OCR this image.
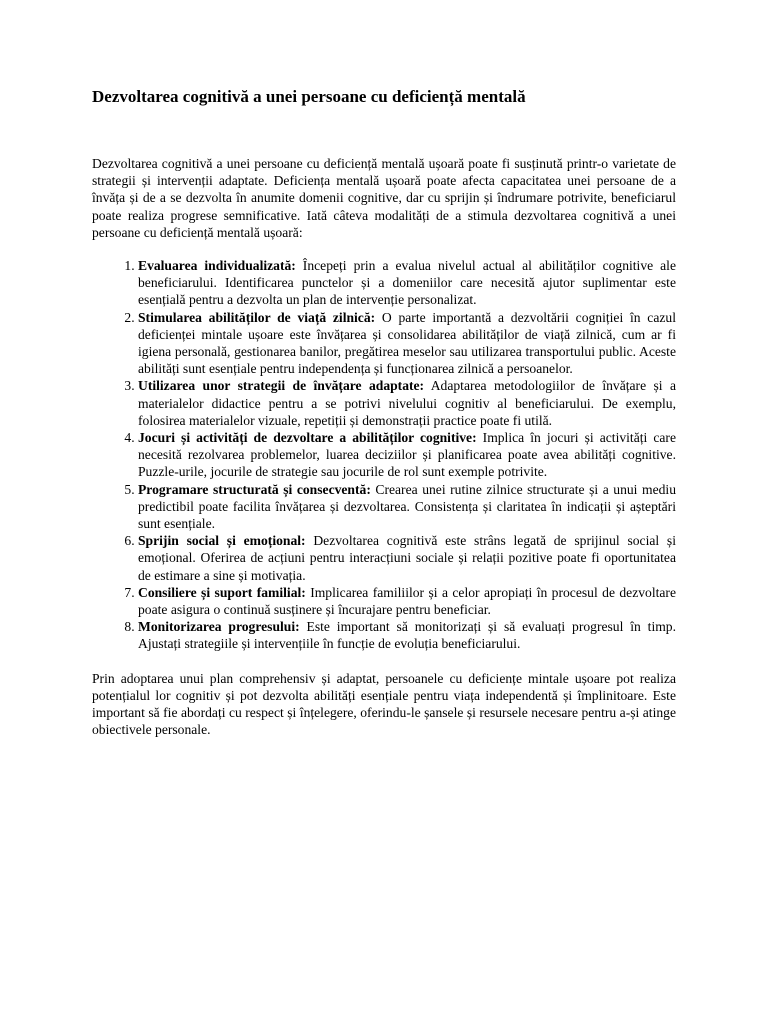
Dezvoltarea cognitivă a unei persoane cu deficiență mentală

Dezvoltarea cognitivă a unei persoane cu deficiență mentală ușoară poate fi susținută printr-o varietate de strategii și intervenții adaptate. Deficiența mentală ușoară poate afecta capacitatea unei persoane de a învăța și de a se dezvolta în anumite domenii cognitive, dar cu sprijin și îndrumare potrivite, beneficiarul poate realiza progrese semnificative. Iată câteva modalități de a stimula dezvoltarea cognitivă a unei persoane cu deficiență mentală ușoară:

1. Evaluarea individualizată: Începeți prin a evalua nivelul actual al abilităților cognitive ale beneficiarului. Identificarea punctelor și a domeniilor care necesită ajutor suplimentar este esențială pentru a dezvolta un plan de intervenție personalizat.
2. Stimularea abilităților de viață zilnică: O parte importantă a dezvoltării cogniției în cazul deficienței mintale ușoare este învățarea și consolidarea abilităților de viață zilnică, cum ar fi igiena personală, gestionarea banilor, pregătirea meselor sau utilizarea transportului public. Aceste abilități sunt esențiale pentru independența și funcționarea zilnică a persoanelor.
3. Utilizarea unor strategii de învățare adaptate: Adaptarea metodologiilor de învățare și a materialelor didactice pentru a se potrivi nivelului cognitiv al beneficiarului. De exemplu, folosirea materialelor vizuale, repetiții și demonstrații practice poate fi utilă.
4. Jocuri și activități de dezvoltare a abilităților cognitive: Implica în jocuri și activități care necesită rezolvarea problemelor, luarea deciziilor și planificarea poate avea abilități cognitive. Puzzle-urile, jocurile de strategie sau jocurile de rol sunt exemple potrivite.
5. Programare structurată și consecventă: Crearea unei rutine zilnice structurate și a unui mediu predictibil poate facilita învățarea și dezvoltarea. Consistența și claritatea în indicații și așteptări sunt esențiale.
6. Sprijin social și emoțional: Dezvoltarea cognitivă este strâns legată de sprijinul social și emoțional. Oferirea de acțiuni pentru interacțiuni sociale și relații pozitive poate fi oportunitatea de estimare a sine și motivația.
7. Consiliere și suport familial: Implicarea familiilor și a celor apropiați în procesul de dezvoltare poate asigura o continuă susținere și încurajare pentru beneficiar.
8. Monitorizarea progresului: Este important să monitorizați și să evaluați progresul în timp. Ajustați strategiile și intervențiile în funcție de evoluția beneficiarului.

Prin adoptarea unui plan comprehensiv și adaptat, persoanele cu deficiențe mintale ușoare pot realiza potențialul lor cognitiv și pot dezvolta abilități esențiale pentru viața independentă și împlinitoare. Este important să fie abordați cu respect și înțelegere, oferindu-le șansele și resursele necesare pentru a-și atinge obiectivele personale.
